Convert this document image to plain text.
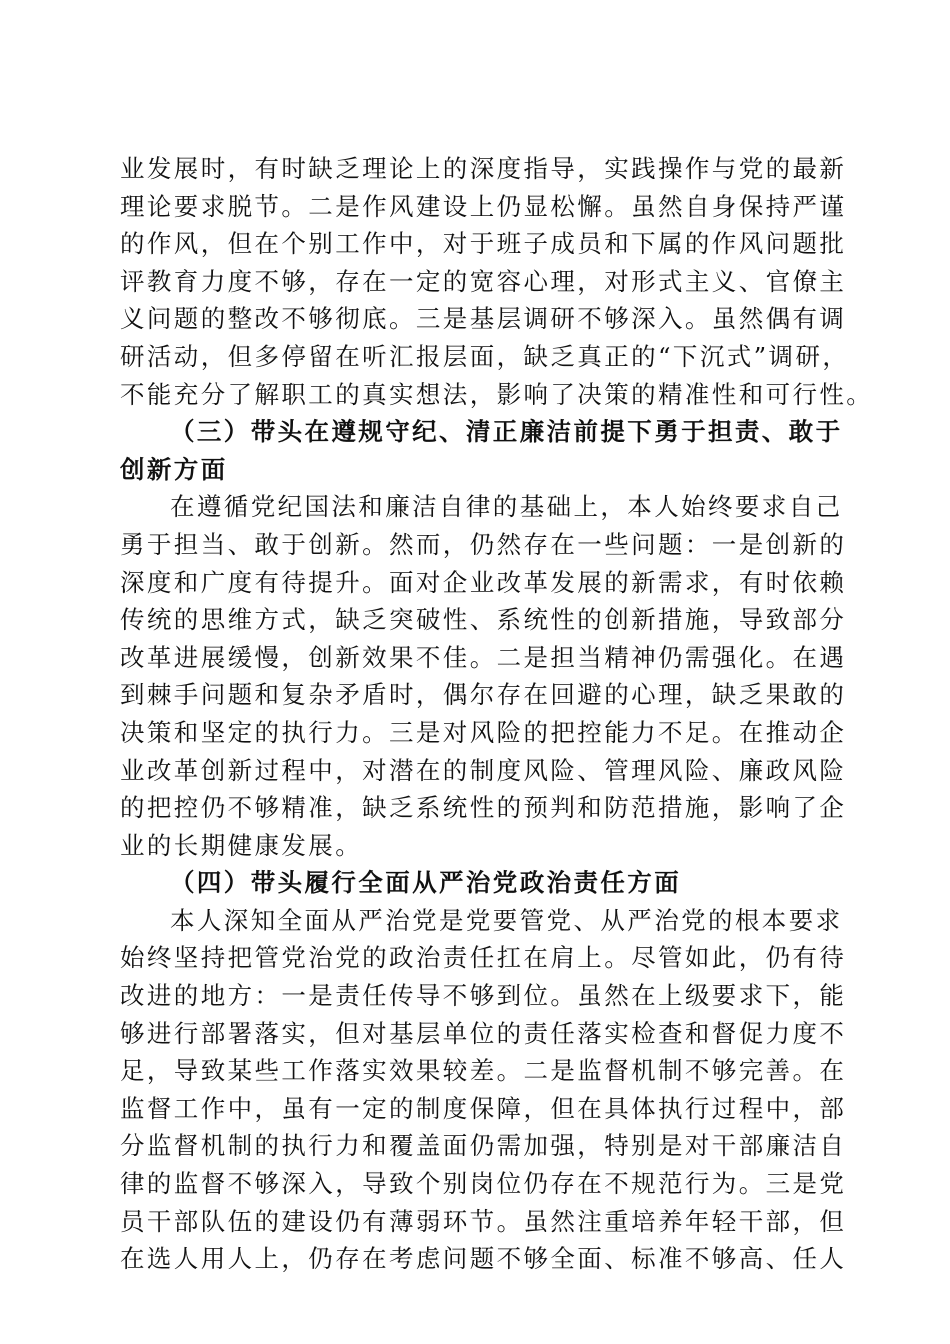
业发展时，有时缺乏理论上的深度指导，实践操作与党的最新
理论要求脱节。二是作风建设上仍显松懈。虽然自身保持严谨
的作风，但在个别工作中，对于班子成员和下属的作风问题批
评教育力度不够，存在一定的宽容心理，对形式主义、官僚主
义问题的整改不够彻底。三是基层调研不够深入。虽然偶有调
研活动，但多停留在听汇报层面，缺乏真正的“下沉式”调研，
不能充分了解职工的真实想法，影响了决策的精准性和可行性。
（三）带头在遵规守纪、清正廉洁前提下勇于担责、敢于
创新方面
在遵循党纪国法和廉洁自律的基础上，本人始终要求自己
勇于担当、敢于创新。然而，仍然存在一些问题：一是创新的
深度和广度有待提升。面对企业改革发展的新需求，有时依赖
传统的思维方式，缺乏突破性、系统性的创新措施，导致部分
改革进展缓慢，创新效果不佳。二是担当精神仍需强化。在遇
到棘手问题和复杂矛盾时，偶尔存在回避的心理，缺乏果敢的
决策和坚定的执行力。三是对风险的把控能力不足。在推动企
业改革创新过程中，对潜在的制度风险、管理风险、廉政风险
的把控仍不够精准，缺乏系统性的预判和防范措施，影响了企
业的长期健康发展。
（四）带头履行全面从严治党政治责任方面
本人深知全面从严治党是党要管党、从严治党的根本要求
始终坚持把管党治党的政治责任扛在肩上。尽管如此，仍有待
改进的地方：一是责任传导不够到位。虽然在上级要求下，能
够进行部署落实，但对基层单位的责任落实检查和督促力度不
足，导致某些工作落实效果较差。二是监督机制不够完善。在
监督工作中，虽有一定的制度保障，但在具体执行过程中，部
分监督机制的执行力和覆盖面仍需加强，特别是对干部廉洁自
律的监督不够深入，导致个别岗位仍存在不规范行为。三是党
员干部队伍的建设仍有薄弱环节。虽然注重培养年轻干部，但
在选人用人上，仍存在考虑问题不够全面、标准不够高、任人
